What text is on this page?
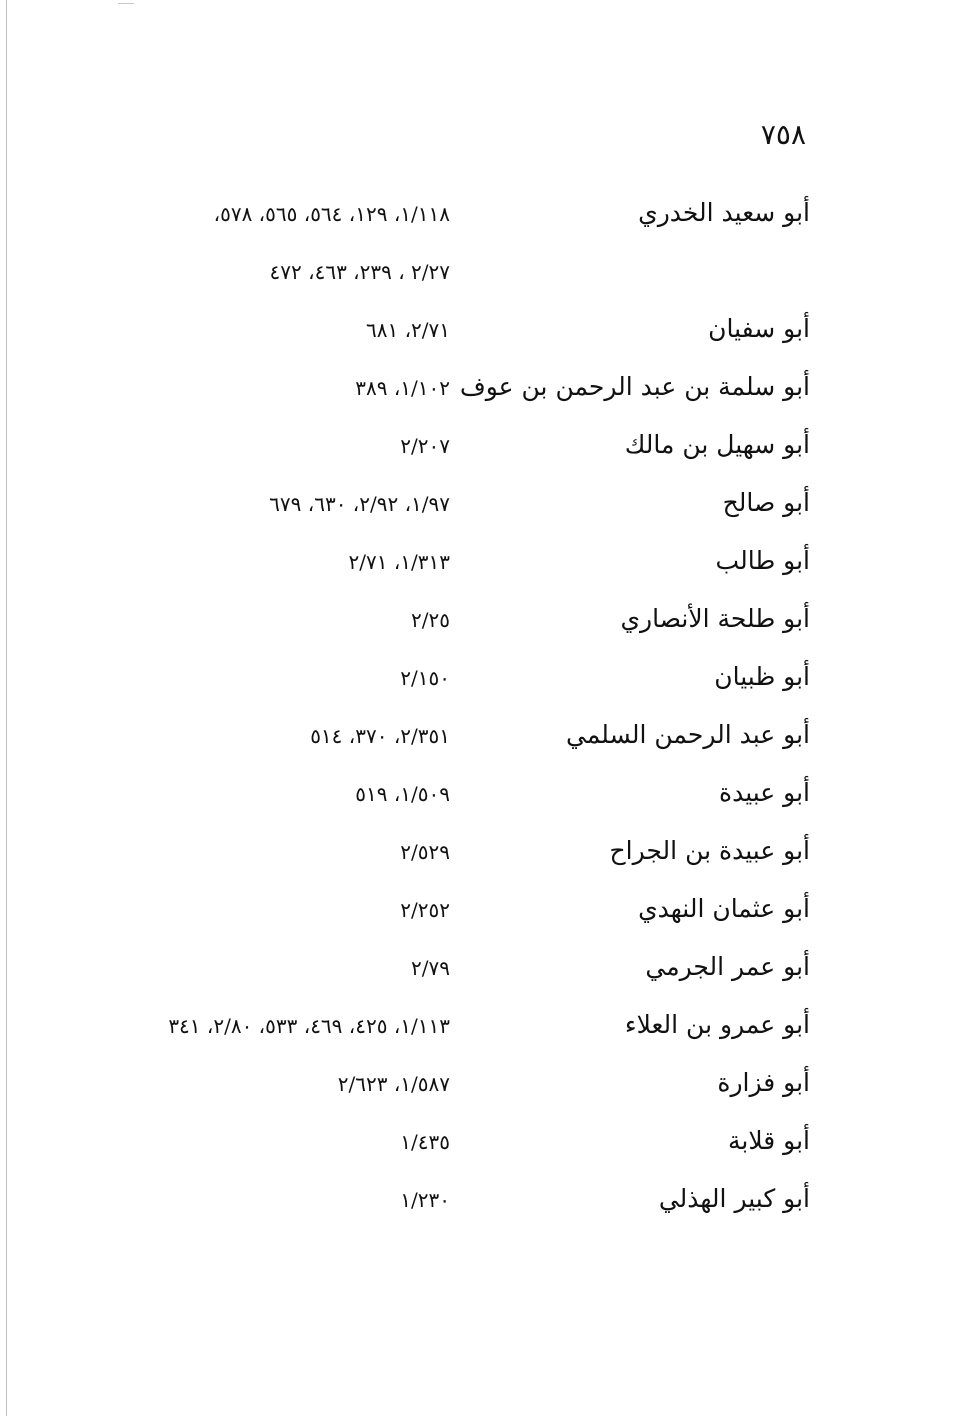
٧٥٨
أبو سعيد الخدري
١/١١٨، ١٢٩، ٥٦٤، ٥٦٥، ٥٧٨،
٢/٢٧ ، ٢٣٩، ٤٦٣، ٤٧٢
أبو سفيان
٢/٧١، ٦٨١
أبو سلمة بن عبد الرحمن بن عوف
١/١٠٢، ٣٨٩
أبو سهيل بن مالك
٢/٢٠٧
أبو صالح
١/٩٧، ٢/٩٢، ٦٣٠، ٦٧٩
أبو طالب
١/٣١٣، ٢/٧١
أبو طلحة الأنصاري
٢/٢٥
أبو ظبيان
٢/١٥٠
أبو عبد الرحمن السلمي
٢/٣٥١، ٣٧٠، ٥١٤
أبو عبيدة
١/٥٠٩، ٥١٩
أبو عبيدة بن الجراح
٢/٥٢٩
أبو عثمان النهدي
٢/٢٥٢
أبو عمر الجرمي
٢/٧٩
أبو عمرو بن العلاء
١/١١٣، ٤٢٥، ٤٦٩، ٥٣٣، ٢/٨٠، ٣٤١
أبو فزارة
١/٥٨٧، ٢/٦٢٣
أبو قلابة
١/٤٣٥
أبو كبير الهذلي
١/٢٣٠
